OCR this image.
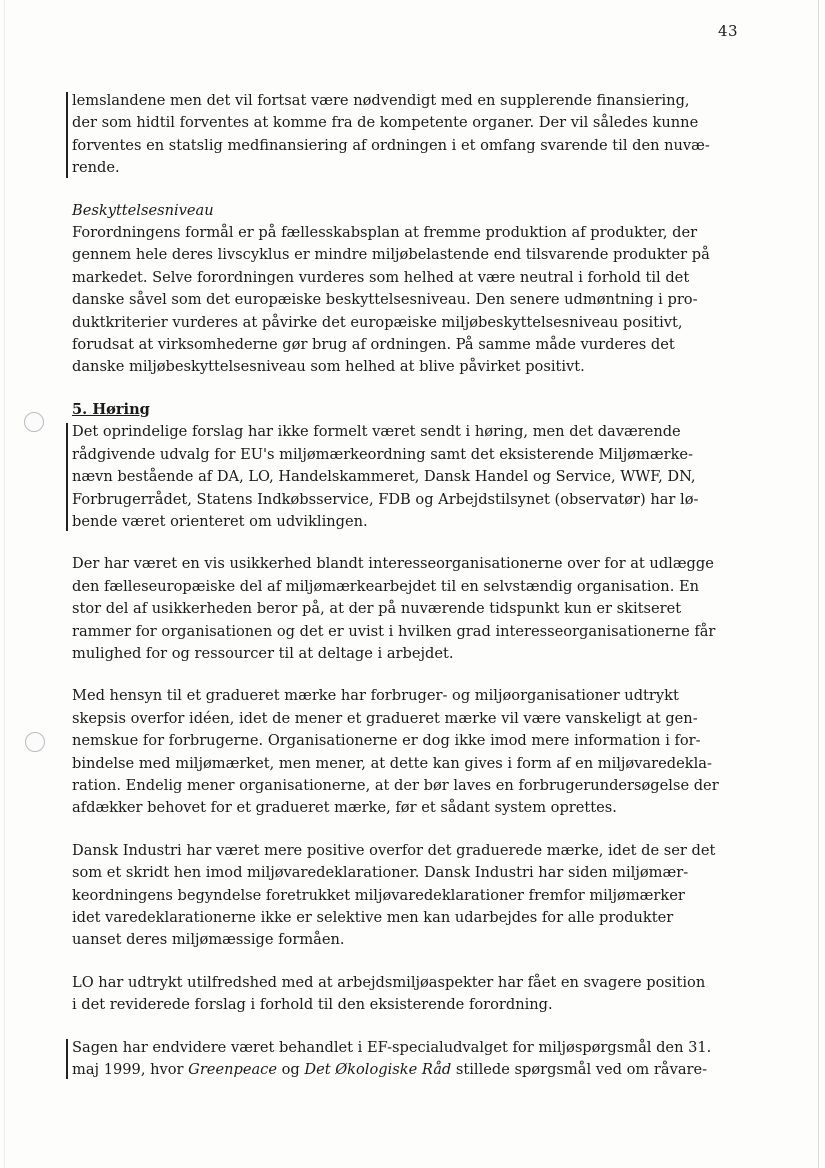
43
lemslandene men det vil fortsat være nødvendigt med en supplerende finansiering,
der som hidtil forventes at komme fra de kompetente organer. Der vil således kunne
forventes en statslig medfinansiering af ordningen i et omfang svarende til den nuvæ-
rende.
Beskyttelsesniveau
Forordningens formål er på fællesskabsplan at fremme produktion af produkter, der
gennem hele deres livscyklus er mindre miljøbelastende end tilsvarende produkter på
markedet. Selve forordningen vurderes som helhed at være neutral i forhold til det
danske såvel som det europæiske beskyttelsesniveau. Den senere udmøntning i pro-
duktkriterier vurderes at påvirke det europæiske miljøbeskyttelsesniveau positivt,
forudsat at virksomhederne gør brug af ordningen. På samme måde vurderes det
danske miljøbeskyttelsesniveau som helhed at blive påvirket positivt.
5. Høring
Det oprindelige forslag har ikke formelt været sendt i høring, men det daværende
rådgivende udvalg for EU's miljømærkeordning samt det eksisterende Miljømærke-
nævn bestående af DA, LO, Handelskammeret, Dansk Handel og Service, WWF, DN,
Forbrugerrådet, Statens Indkøbsservice, FDB og Arbejdstilsynet (observatør) har lø-
bende været orienteret om udviklingen.
Der har været en vis usikkerhed blandt interesseorganisationerne over for at udlægge
den fælleseuropæiske del af miljømærkearbejdet til en selvstændig organisation. En
stor del af usikkerheden beror på, at der på nuværende tidspunkt kun er skitseret
rammer for organisationen og det er uvist i hvilken grad interesseorganisationerne får
mulighed for og ressourcer til at deltage i arbejdet.
Med hensyn til et gradueret mærke har forbruger- og miljøorganisationer udtrykt
skepsis overfor idéen, idet de mener et gradueret mærke vil være vanskeligt at gen-
nemskue for forbrugerne. Organisationerne er dog ikke imod mere information i for-
bindelse med miljømærket, men mener, at dette kan gives i form af en miljøvaredekla-
ration. Endelig mener organisationerne, at der bør laves en forbrugerundersøgelse der
afdækker behovet for et gradueret mærke, før et sådant system oprettes.
Dansk Industri har været mere positive overfor det graduerede mærke, idet de ser det
som et skridt hen imod miljøvaredeklarationer. Dansk Industri har siden miljømær-
keordningens begyndelse foretrukket miljøvaredeklarationer fremfor miljømærker
idet varedeklarationerne ikke er selektive men kan udarbejdes for alle produkter
uanset deres miljømæssige formåen.
LO har udtrykt utilfredshed med at arbejdsmiljøaspekter har fået en svagere position
i det reviderede forslag i forhold til den eksisterende forordning.
Sagen har endvidere været behandlet i EF-specialudvalget for miljøspørgsmål den 31.
maj 1999, hvor Greenpeace og Det Økologiske Råd stillede spørgsmål ved om råvare-
